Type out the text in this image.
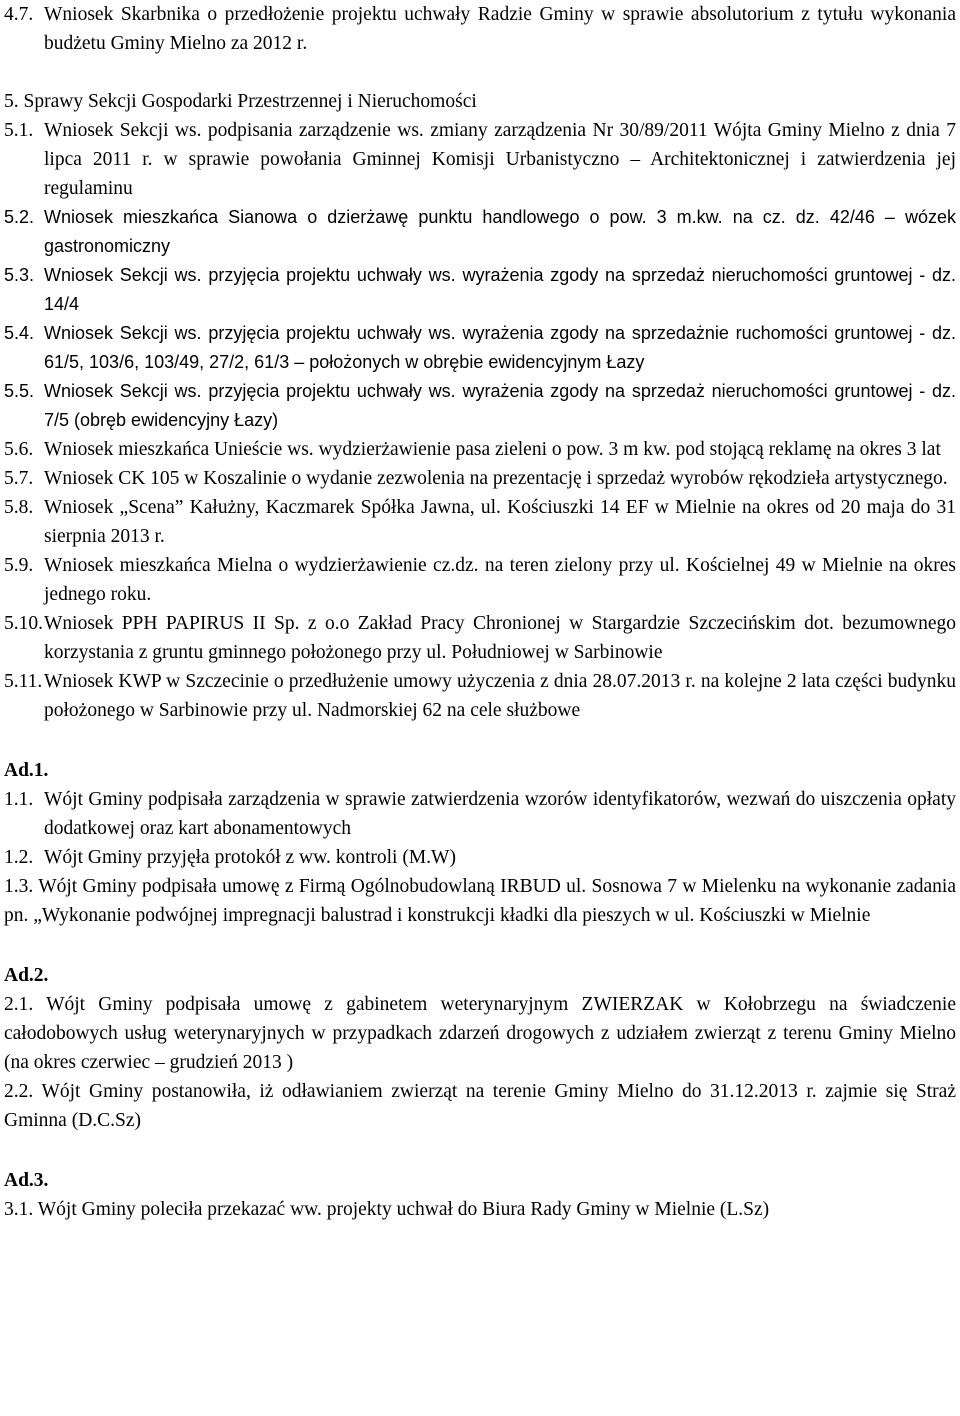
4.7. Wniosek Skarbnika o przedłożenie projektu uchwały Radzie Gminy w sprawie absolutorium z tytułu wykonania budżetu Gminy Mielno za 2012 r.
5. Sprawy Sekcji Gospodarki Przestrzennej i Nieruchomości
5.1. Wniosek Sekcji ws. podpisania zarządzenie ws. zmiany zarządzenia Nr 30/89/2011 Wójta Gminy Mielno z dnia 7 lipca 2011 r. w sprawie powołania Gminnej Komisji Urbanistyczno – Architektonicznej i zatwierdzenia jej regulaminu
5.2. Wniosek mieszkańca Sianowa o dzierżawę punktu handlowego o pow. 3 m.kw. na cz. dz. 42/46 – wózek gastronomiczny
5.3. Wniosek Sekcji ws. przyjęcia projektu uchwały ws. wyrażenia zgody na sprzedaż nieruchomości gruntowej - dz. 14/4
5.4. Wniosek Sekcji ws. przyjęcia projektu uchwały ws. wyrażenia zgody na sprzedażnie ruchomości gruntowej - dz. 61/5, 103/6, 103/49, 27/2, 61/3 – położonych w obrębie ewidencyjnym Łazy
5.5. Wniosek Sekcji ws. przyjęcia projektu uchwały ws. wyrażenia zgody na sprzedaż nieruchomości gruntowej - dz. 7/5 (obręb ewidencyjny Łazy)
5.6. Wniosek mieszkańca Unieście ws. wydzierżawienie pasa zieleni o pow. 3 m kw. pod stojącą reklamę na okres 3 lat
5.7. Wniosek CK 105 w Koszalinie o wydanie zezwolenia na prezentację i sprzedaż wyrobów rękodzieła artystycznego.
5.8. Wniosek „Scena” Kałużny, Kaczmarek Spółka Jawna, ul. Kościuszki 14 EF w Mielnie na okres od 20 maja do 31 sierpnia 2013 r.
5.9. Wniosek mieszkańca Mielna o wydzierżawienie cz.dz. na teren zielony przy ul. Kościelnej 49 w Mielnie na okres jednego roku.
5.10. Wniosek PPH PAPIRUS II Sp. z o.o Zakład Pracy Chronionej w Stargardzie Szczecińskim dot. bezumownego korzystania z gruntu gminnego położonego przy ul. Południowej w Sarbinowie
5.11. Wniosek KWP w Szczecinie o przedłużenie umowy użyczenia z dnia 28.07.2013 r. na kolejne 2 lata części budynku położonego w Sarbinowie przy ul. Nadmorskiej 62 na cele służbowe
Ad.1.
1.1. Wójt Gminy podpisała zarządzenia w sprawie zatwierdzenia wzorów identyfikatorów, wezwań do uiszczenia opłaty dodatkowej oraz kart abonamentowych
1.2. Wójt Gminy przyjęła protokół z ww. kontroli (M.W)

1.3. Wójt Gminy podpisała umowę z Firmą Ogólnobudowlaną IRBUD ul. Sosnowa 7 w Mielenku na wykonanie zadania pn. „Wykonanie podwójnej impregnacji balustrad i konstrukcji kładki dla pieszych w ul. Kościuszki w Mielnie

Ad.2.

2.1. Wójt Gminy podpisała umowę z gabinetem weterynaryjnym ZWIERZAK w Kołobrzegu na świadczenie całodobowych usług weterynaryjnych w przypadkach zdarzeń drogowych z udziałem zwierząt z terenu Gminy Mielno (na okres czerwiec – grudzień 2013 )

2.2. Wójt Gminy postanowiła, iż odławianiem zwierząt na terenie Gminy Mielno do 31.12.2013 r. zajmie się Straż Gminna (D.C.Sz)

Ad.3.

3.1. Wójt Gminy poleciła przekazać ww. projekty uchwał do Biura Rady Gminy w Mielnie (L.Sz)
